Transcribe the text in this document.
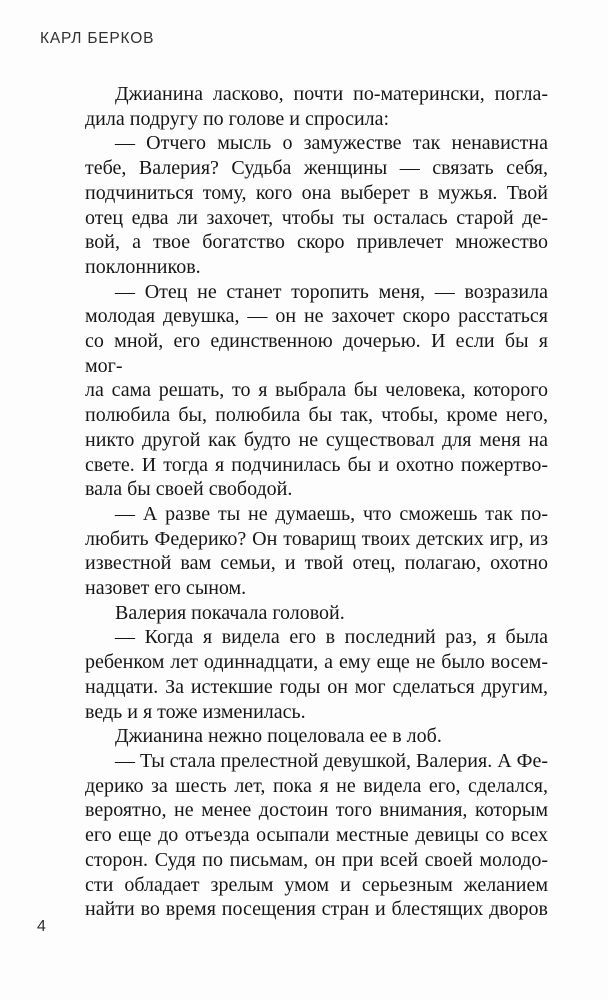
КАРЛ БЕРКОВ
Джианина ласково, почти по-матерински, погла-
дила подругу по голове и спросила:
— Отчего мысль о замужестве так ненавистна
тебе, Валерия? Судьба женщины — связать себя,
подчиниться тому, кого она выберет в мужья. Твой
отец едва ли захочет, чтобы ты осталась старой де-
вой, а твое богатство скоро привлечет множество
поклонников.
— Отец не станет торопить меня, — возразила
молодая девушка, — он не захочет скоро расстаться
со мной, его единственною дочерью. И если бы я мог-
ла сама решать, то я выбрала бы человека, которого
полюбила бы, полюбила бы так, чтобы, кроме него,
никто другой как будто не существовал для меня на
свете. И тогда я подчинилась бы и охотно пожертво-
вала бы своей свободой.
— А разве ты не думаешь, что сможешь так по-
любить Федерико? Он товарищ твоих детских игр, из
известной вам семьи, и твой отец, полагаю, охотно
назовет его сыном.
Валерия покачала головой.
— Когда я видела его в последний раз, я была
ребенком лет одиннадцати, а ему еще не было восем-
надцати. За истекшие годы он мог сделаться другим,
ведь и я тоже изменилась.
Джианина нежно поцеловала ее в лоб.
— Ты стала прелестной девушкой, Валерия. А Фе-
дерико за шесть лет, пока я не видела его, сделался,
вероятно, не менее достоин того внимания, которым
его еще до отъезда осыпали местные девицы со всех
сторон. Судя по письмам, он при всей своей молодо-
сти обладает зрелым умом и серьезным желанием
найти во время посещения стран и блестящих дворов
4
